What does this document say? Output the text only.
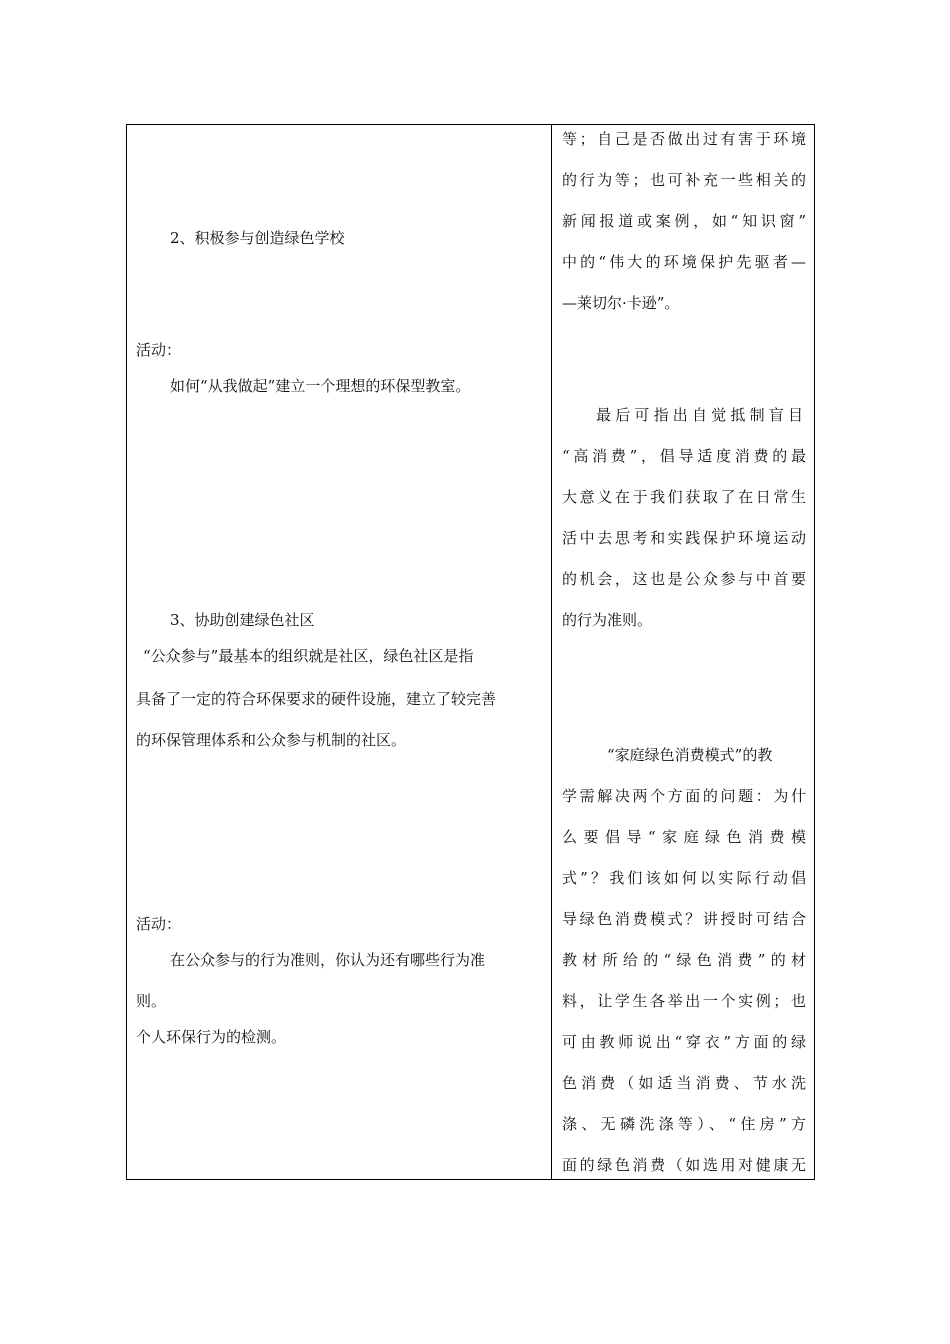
2、积极参与创造绿色学校
活动：
如何“从我做起”建立一个理想的环保型教室。
3、协助创建绿色社区
“公众参与”最基本的组织就是社区，绿色社区是指
具备了一定的符合环保要求的硬件设施，建立了较完善
的环保管理体系和公众参与机制的社区。
活动：
在公众参与的行为准则，你认为还有哪些行为准
则。
个人环保行为的检测。
等；自己是否做出过有害于环境
的行为等；也可补充一些相关的
新闻报道或案例，如“知识窗”
中的“伟大的环境保护先驱者—
—莱切尔·卡逊”。
最后可指出自觉抵制盲目
“高消费”，倡导适度消费的最
大意义在于我们获取了在日常生
活中去思考和实践保护环境运动
的机会，这也是公众参与中首要
的行为准则。
“家庭绿色消费模式”的教
学需解决两个方面的问题：为什
么要倡导“家庭绿色消费模
式”？我们该如何以实际行动倡
导绿色消费模式？讲授时可结合
教材所给的“绿色消费”的材
料，让学生各举出一个实例；也
可由教师说出“穿衣”方面的绿
色消费（如适当消费、节水洗
涤、无磷洗涤等）、“住房”方
面的绿色消费（如选用对健康无
